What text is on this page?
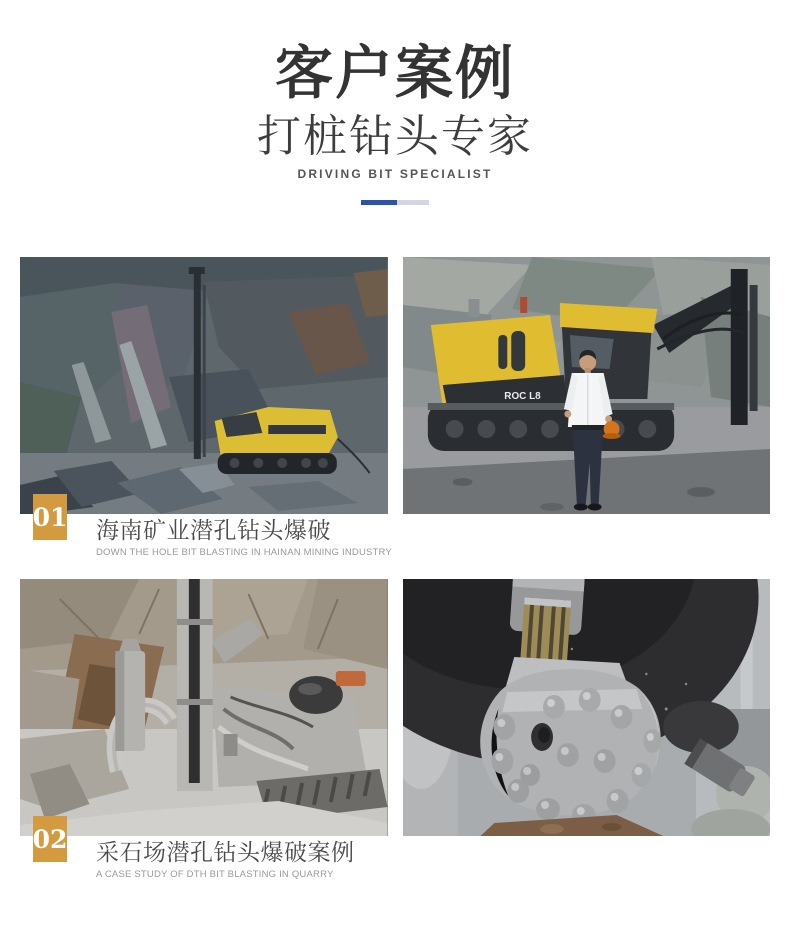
客户案例
打桩钻头专家
DRIVING BIT SPECIALIST
ROC L8
01 海南矿业潜孔钻头爆破
DOWN THE HOLE BIT BLASTING IN HAINAN MINING INDUSTRY
02 采石场潜孔钻头爆破案例
A CASE STUDY OF DTH BIT BLASTING IN QUARRY
